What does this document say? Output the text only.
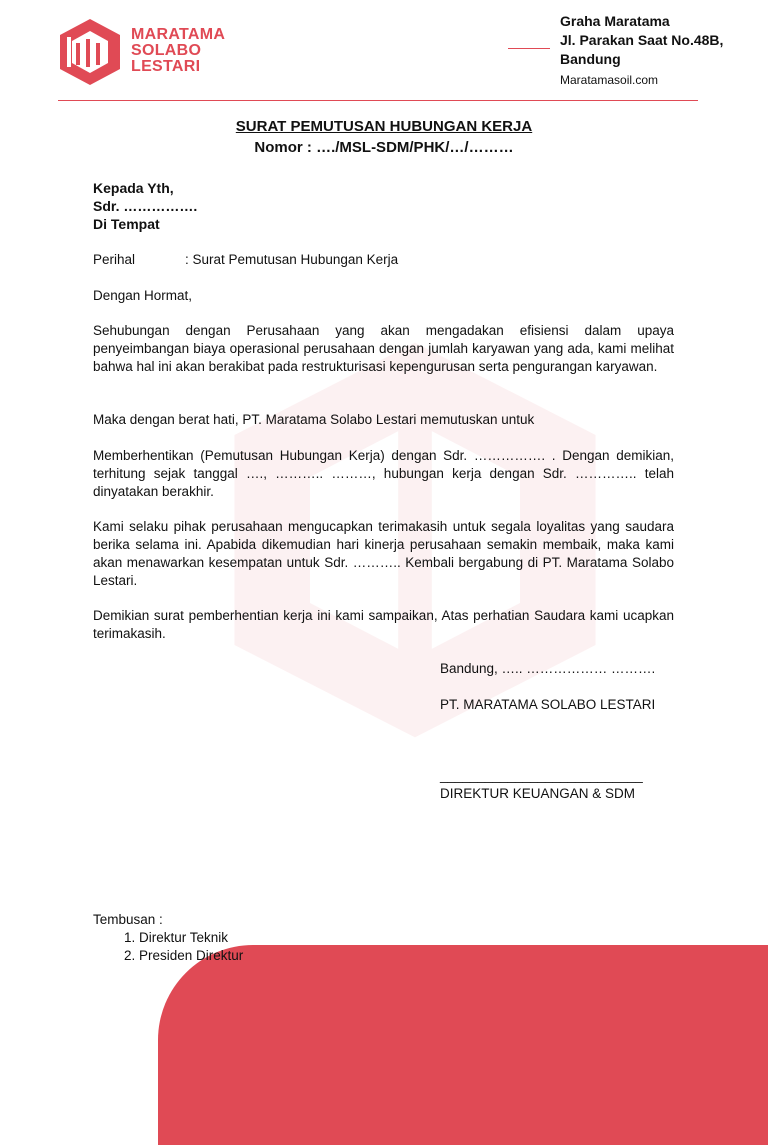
MARATAMA
SOLABO
LESTARI
Graha Maratama
Jl. Parakan Saat No.48B,
Bandung
Maratamasoil.com
SURAT PEMUTUSAN HUBUNGAN KERJA
Nomor : …./MSL-SDM/PHK/…/………
Kepada Yth,
Sdr. …………….
Di Tempat
Perihal	: Surat Pemutusan Hubungan Kerja
Dengan Hormat,
Sehubungan dengan Perusahaan yang akan mengadakan efisiensi dalam upaya penyeimbangan biaya operasional perusahaan dengan jumlah karyawan yang ada, kami melihat bahwa hal ini akan berakibat pada restrukturisasi kepengurusan serta pengurangan karyawan.
Maka dengan berat hati, PT. Maratama Solabo Lestari memutuskan untuk
Memberhentikan (Pemutusan Hubungan Kerja) dengan Sdr. ……………. . Dengan demikian, terhitung sejak tanggal …., ……….. ………, hubungan kerja dengan Sdr. ………….. telah dinyatakan berakhir.
Kami selaku pihak perusahaan mengucapkan terimakasih untuk segala loyalitas yang saudara berika selama ini. Apabida dikemudian hari kinerja perusahaan semakin membaik, maka kami akan menawarkan kesempatan untuk Sdr. ……….. Kembali bergabung di PT. Maratama Solabo Lestari.
Demikian surat pemberhentian kerja ini kami sampaikan, Atas perhatian Saudara kami ucapkan terimakasih.
Bandung, ….. ……………… ……….
PT. MARATAMA SOLABO LESTARI
___________________________
DIREKTUR KEUANGAN & SDM
Tembusan :
1. Direktur Teknik
2. Presiden Direktur
